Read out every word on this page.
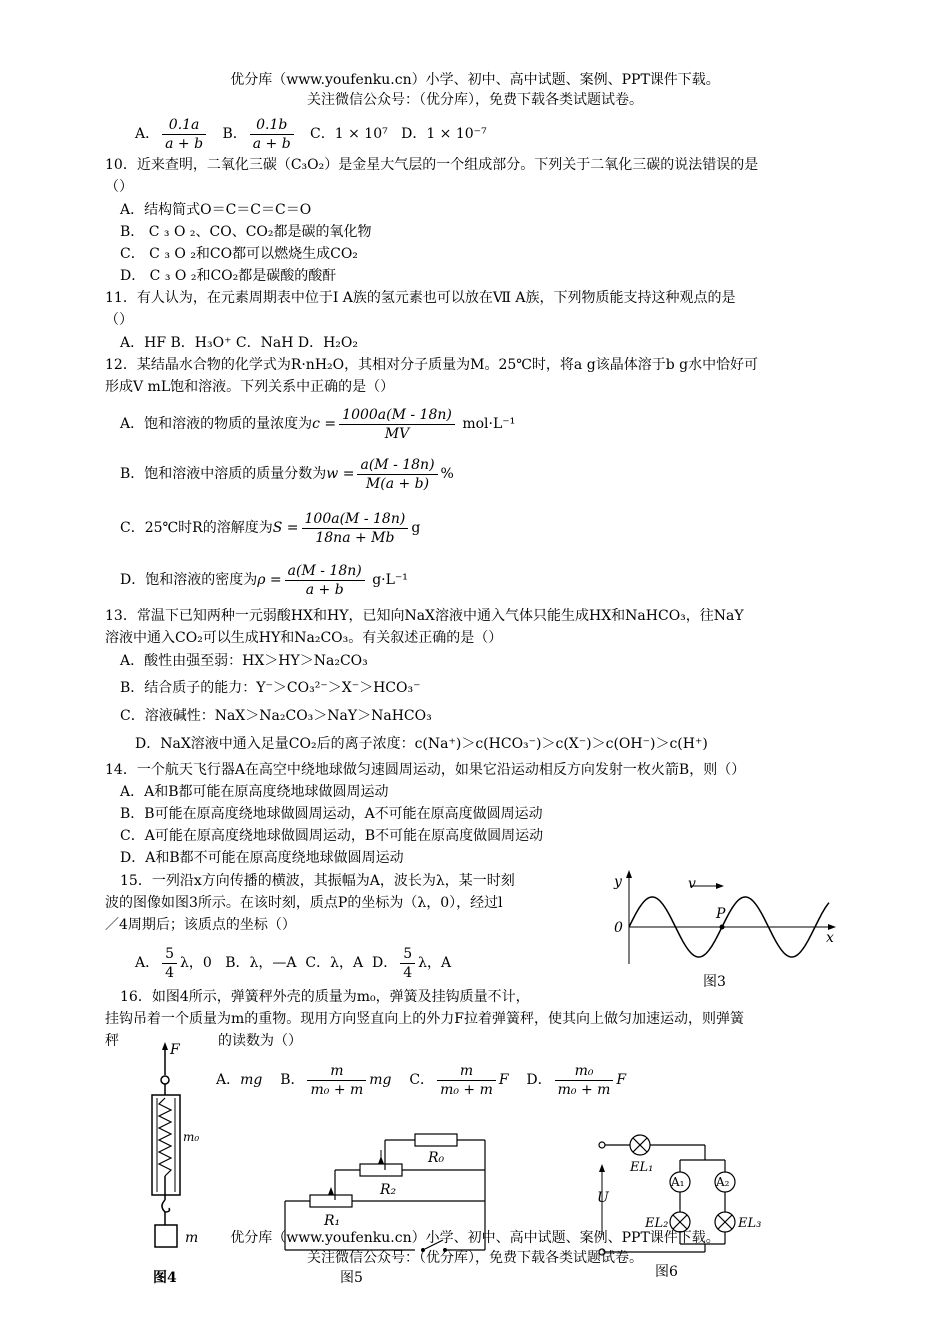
优分库（www.youfenku.cn）小学、初中、高中试题、案例、PPT课件下载。
关注微信公众号：（优分库），免费下载各类试题试卷。
A． $\frac{0.1a}{a + b}$ B． $\frac{0.1b}{a + b}$ C．1 × 10⁷ D．1 × 10⁻⁷
10．近来查明，二氧化三碳（C₃O₂）是金星大气层的一个组成部分。下列关于二氧化三碳的说法错误的是
（）
A．结构简式O＝C＝C＝C＝O
B． C ₃ O ₂、CO、CO₂都是碳的氧化物
C． C ₃ O ₂和CO都可以燃烧生成CO₂
D． C ₃ O ₂和CO₂都是碳酸的酸酐
11．有人认为，在元素周期表中位于Ⅰ A族的氢元素也可以放在Ⅶ A族，下列物质能支持这种观点的是
（）
A．HF B．H₃O⁺ C．NaH D．H₂O₂
12．某结晶水合物的化学式为R·nH₂O，其相对分子质量为M。25℃时，将a g该晶体溶于b g水中恰好可
形成V mL饱和溶液。下列关系中正确的是（）
A．饱和溶液的物质的量浓度为$c = \frac{1000a(M - 18n)}{MV} mol\cdot L^{-1}$
B．饱和溶液中溶质的质量分数为$w = \frac{a(M - 18n)}{M(a + b)}$ %
C．25℃时R的溶解度为$S = \frac{100a(M - 18n)}{18na + Mb}$ g
D．饱和溶液的密度为$\rho = \frac{a(M - 18n)}{a + b} g\cdot L^{-1}$
13．常温下已知两种一元弱酸HX和HY，已知向NaX溶液中通入气体只能生成HX和NaHCO₃，往NaY
溶液中通入CO₂可以生成HY和Na₂CO₃。有关叙述正确的是（）
A．酸性由强至弱：HX＞HY＞Na₂CO₃
B．结合质子的能力：Y⁻＞CO₃²⁻＞X⁻＞HCO₃⁻
C．溶液碱性：NaX＞Na₂CO₃＞NaY＞NaHCO₃
D．NaX溶液中通入足量CO₂后的离子浓度：c(Na⁺)＞c(HCO₃⁻)＞c(X⁻)＞c(OH⁻)＞c(H⁺)
14．一个航天飞行器A在高空中绕地球做匀速圆周运动，如果它沿运动相反方向发射一枚火箭B，则（）
A．A和B都可能在原高度绕地球做圆周运动
B．B可能在原高度绕地球做圆周运动，A不可能在原高度做圆周运动
C．A可能在原高度绕地球做圆周运动，B不可能在原高度做圆周运动
D．A和B都不可能在原高度绕地球做圆周运动
15．一列沿x方向传播的横波，其振幅为A，波长为λ，某一时刻
波的图像如图3所示。在该时刻，质点P的坐标为（λ，0），经过l
／4周期后；该质点的坐标（）
A． $\frac{5}{4}$ λ，0 B．λ，—A C．λ，A D． $\frac{5}{4}$ λ，A
y
x
0
v
P
图3
16．如图4所示，弹簧秤外壳的质量为m₀，弹簧及挂钩质量不计，
挂钩吊着一个质量为m的重物。现用方向竖直向上的外力F拉着弹簧秤，使其向上做匀加速运动，则弹簧
秤	的读数为（）
A．mg B． $\frac{m}{\text{m₀ + m}}$ mg C． $\frac{m}{\text{m₀ + m}}$ F D． $\frac{\text{m₀}}{\text{m₀ + m}}$ F
F
m₀
m
图4
R₀
R₂
R₁
图5
EL₁
A₁	A₂
U
EL₂	EL₃
图6
优分库（www.youfenku.cn）小学、初中、高中试题、案例、PPT课件下载。
关注微信公众号：（优分库），免费下载各类试题试卷。
